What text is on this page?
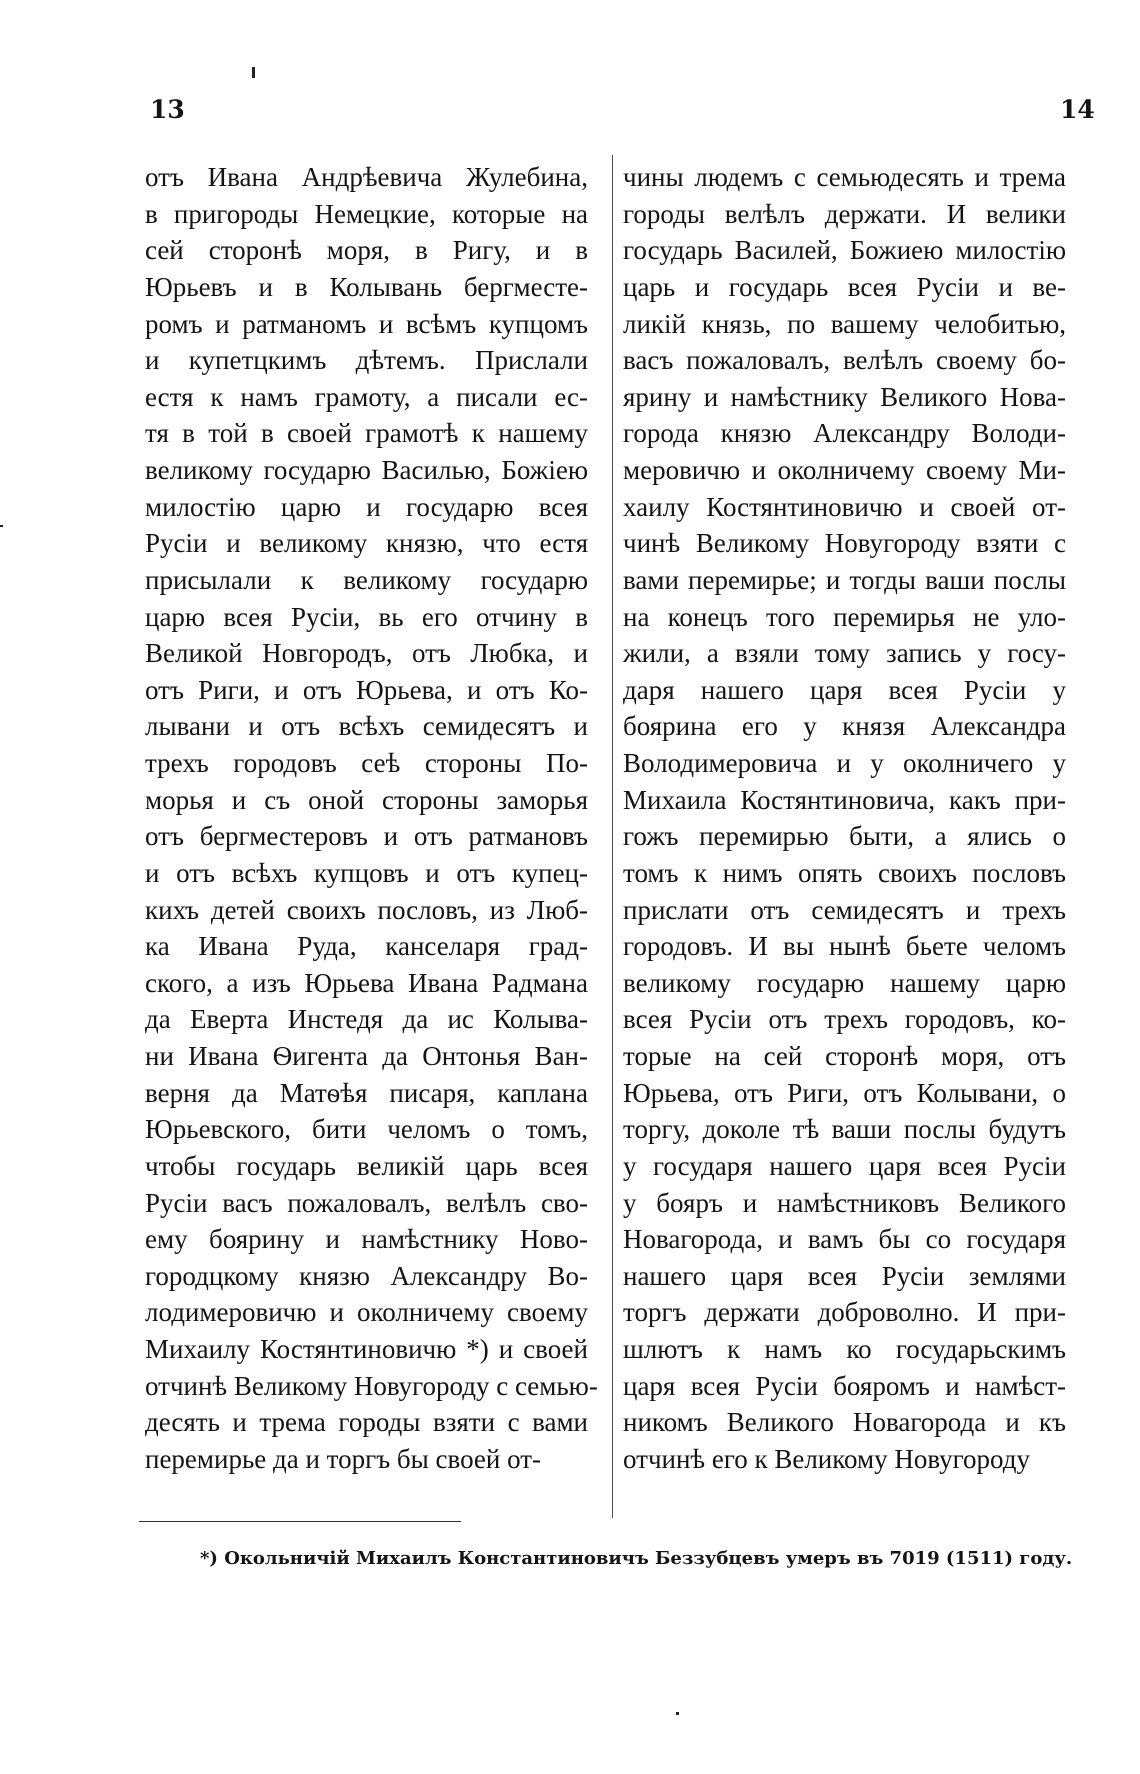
13	14
отъ Ивана Андрѣевича Жулебина,
в пригороды Немецкие, которые на
сей сторонѣ моря, в Ригу, и в
Юрьевъ и в Колывань бергместе-
ромъ и ратманомъ и всѣмъ купцомъ
и купетцкимъ дѣтемъ. Прислали
естя к намъ грамоту, а писали ес-
тя в той в своей грамотѣ к нашему
великому государю Василью, Божiею
милостiю царю и государю всея
Русiи и великому князю, что естя
присылали к великому государю
царю всея Русiи, вь его отчину в
Великой Новгородъ, отъ Любка, и
отъ Риги, и отъ Юрьева, и отъ Ко-
лывани и отъ всѣхъ семидесятъ и
трехъ городовъ сеѣ стороны По-
морья и съ оной стороны заморья
отъ бергместеровъ и отъ ратмановъ
и отъ всѣхъ купцовъ и отъ купец-
кихъ детей своихъ пословъ, из Люб-
ка Ивана Руда, канселаря град-
ского, а изъ Юрьева Ивана Радмана
да Еверта Инстедя да ис Колыва-
ни Ивана Ѳигента да Онтонья Ван-
верня да Матѳѣя писаря, каплана
Юрьевского, бити челомъ о томъ,
чтобы государь великiй царь всея
Русiи васъ пожаловалъ, велѣлъ сво-
ему боярину и намѣстнику Ново-
городцкому князю Александру Во-
лодимеровичю и околничему своему
Михаилу Костянтиновичю *) и своей
отчинѣ Великому Новугороду с семью-
десять и трема городы взяти с вами
перемирье да и торгъ бы своей от-
чины людемъ с семьюдесять и трема
городы велѣлъ держати. И велики
государь Василей, Божиею милостiю
царь и государь всея Русiи и ве-
ликiй князь, по вашему челобитью,
васъ пожаловалъ, велѣлъ своему бо-
ярину и намѣстнику Великого Нова-
города князю Александру Володи-
меровичю и околничему своему Ми-
хаилу Костянтиновичю и своей от-
чинѣ Великому Новугороду взяти с
вами перемирье; и тогды ваши послы
на конецъ того перемирья не уло-
жили, а взяли тому запись у госу-
даря нашего царя всея Русiи у
боярина его у князя Александра
Володимеровича и у околничего у
Михаила Костянтиновича, какъ при-
гожъ перемирью быти, а ялись о
томъ к нимъ опять своихъ пословъ
прислати отъ семидесятъ и трехъ
городовъ. И вы нынѣ бьете челомъ
великому государю нашему царю
всея Русiи отъ трехъ городовъ, ко-
торые на сей сторонѣ моря, отъ
Юрьева, отъ Риги, отъ Колывани, о
торгу, доколе тѣ ваши послы будутъ
у государя нашего царя всея Русiи
у бояръ и намѣстниковъ Великого
Новагорода, и вамъ бы со государя
нашего царя всея Русiи землями
торгъ держати доброволно. И при-
шлютъ к намъ ко государьскимъ
царя всея Русiи бояромъ и намѣст-
никомъ Великого Новагорода и къ
отчинѣ его к Великому Новугороду
*) Окольничiй Михаилъ Константиновичъ Беззубцевъ умеръ въ 7019 (1511) году.
